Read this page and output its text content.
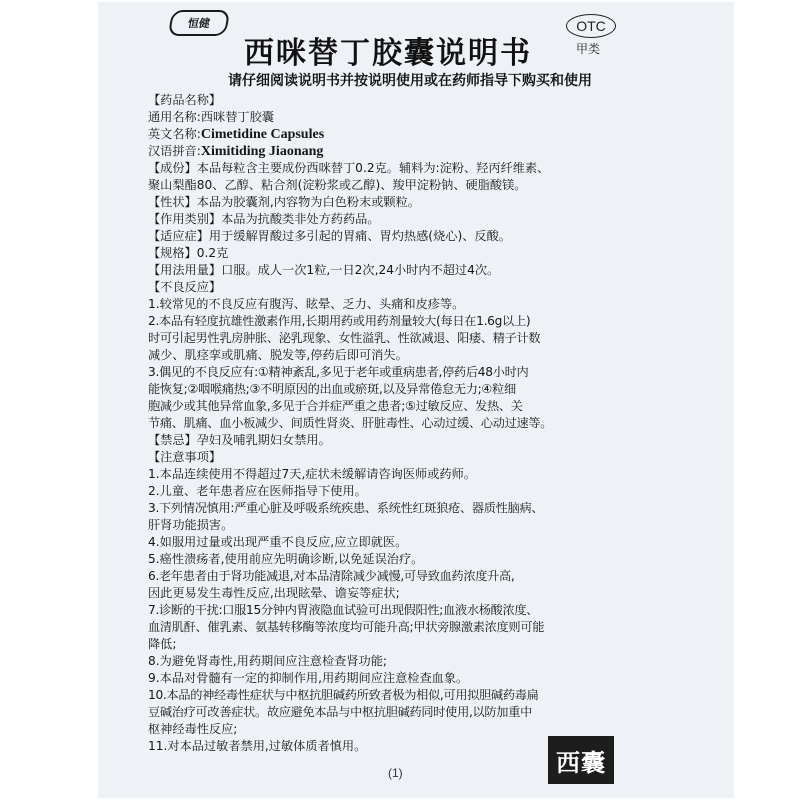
恒健	OTC
甲类
西咪替丁胶囊说明书
请仔细阅读说明书并按说明使用或在药师指导下购买和使用

【药品名称】

通用名称:西咪替丁胶囊

英文名称:Cimetidine Capsules

汉语拼音:Ximitiding Jiaonang

【成份】本品每粒含主要成份西咪替丁0.2克。辅料为:淀粉、羟丙纤维素、

聚山梨酯80、乙醇、粘合剂(淀粉浆或乙醇)、羧甲淀粉钠、硬脂酸镁。

【性状】本品为胶囊剂,内容物为白色粉末或颗粒。

【作用类别】本品为抗酸类非处方药药品。

【适应症】用于缓解胃酸过多引起的胃痛、胃灼热感(烧心)、反酸。

【规格】0.2克

【用法用量】口服。成人一次1粒,一日2次,24小时内不超过4次。

【不良反应】

1.较常见的不良反应有腹泻、眩晕、乏力、头痛和皮疹等。

2.本品有轻度抗雄性激素作用,长期用药或用药剂量较大(每日在1.6g以上)

时可引起男性乳房肿胀、泌乳现象、女性溢乳、性欲减退、阳痿、精子计数

减少、肌痉挛或肌痛、脱发等,停药后即可消失。

3.偶见的不良反应有:①精神紊乱,多见于老年或重病患者,停药后48小时内

能恢复;②咽喉痛热;③不明原因的出血或瘀斑,以及异常倦怠无力;④粒细

胞减少或其他异常血象,多见于合并症严重之患者;⑤过敏反应、发热、关

节痛、肌痛、血小板减少、间质性肾炎、肝脏毒性、心动过缓、心动过速等。

【禁忌】孕妇及哺乳期妇女禁用。

【注意事项】

1.本品连续使用不得超过7天,症状未缓解请咨询医师或药师。

2.儿童、老年患者应在医师指导下使用。

3.下列情况慎用:严重心脏及呼吸系统疾患、系统性红斑狼疮、器质性脑病、

肝肾功能损害。

4.如服用过量或出现严重不良反应,应立即就医。

5.癌性溃疡者,使用前应先明确诊断,以免延误治疗。

6.老年患者由于肾功能减退,对本品清除减少减慢,可导致血药浓度升高,

因此更易发生毒性反应,出现眩晕、谵妄等症状;

7.诊断的干扰:口服15分钟内胃液隐血试验可出现假阳性;血液水杨酸浓度、

血清肌酐、催乳素、氨基转移酶等浓度均可能升高;甲状旁腺激素浓度则可能

降低;

8.为避免肾毒性,用药期间应注意检查肾功能;

9.本品对骨髓有一定的抑制作用,用药期间应注意检查血象。

10.本品的神经毒性症状与中枢抗胆碱药所致者极为相似,可用拟胆碱药毒扁

豆碱治疗可改善症状。故应避免本品与中枢抗胆碱药同时使用,以防加重中

枢神经毒性反应;

11.对本品过敏者禁用,过敏体质者慎用。

(1)	西囊
